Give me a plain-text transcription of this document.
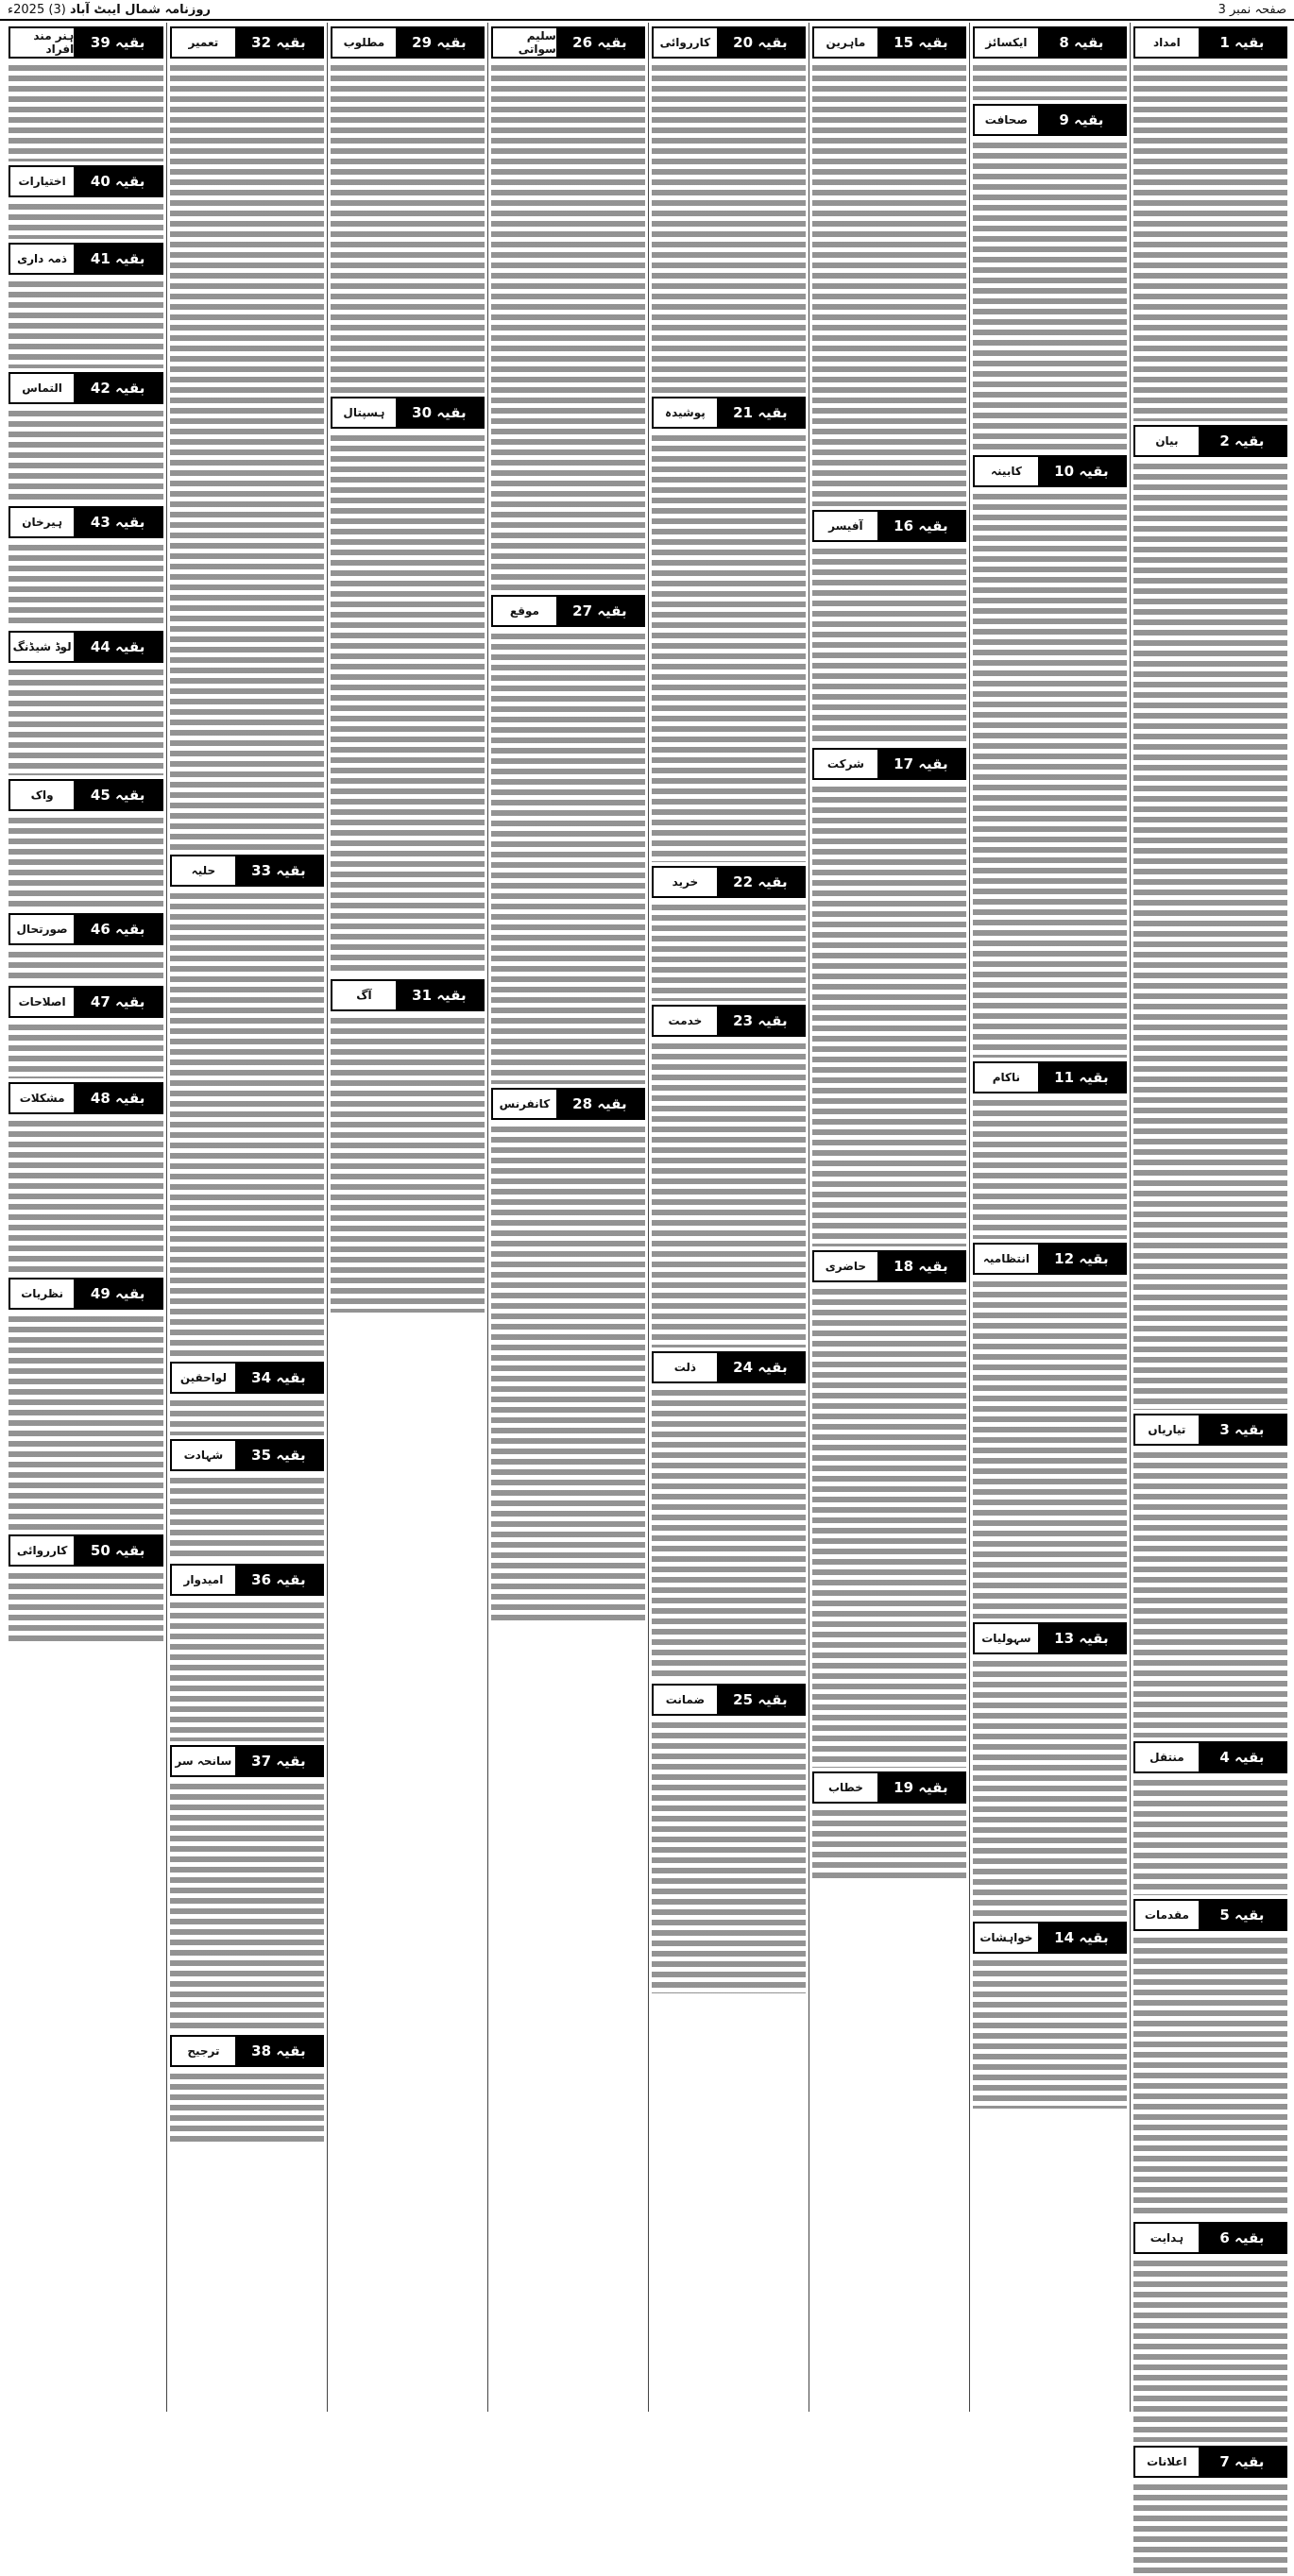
صفحہ نمبر 3
روزنامہ شمال ایبٹ آباد (3) 2025ء
بقیہ 1
امداد
بقیہ 2
بیان
بقیہ 3
تیاریاں
بقیہ 4
منتقل
بقیہ 5
مقدمات
بقیہ 6
ہدایت
بقیہ 7
اعلانات
بقیہ 8
ایکسائز
بقیہ 9
صحافت
بقیہ 10
کابینہ
بقیہ 11
ناکام
بقیہ 12
انتظامیہ
بقیہ 13
سہولیات
بقیہ 14
خواہشات
بقیہ 15
ماہرین
بقیہ 16
آفیسر
بقیہ 17
شرکت
بقیہ 18
حاضری
بقیہ 19
خطاب
بقیہ 20
کارروائی
بقیہ 21
پوشیدہ
بقیہ 22
خرید
بقیہ 23
خدمت
بقیہ 24
ذلت
بقیہ 25
ضمانت
بقیہ 26
سلیم سواتی
بقیہ 27
موقع
بقیہ 28
کانفرنس
بقیہ 29
مطلوب
بقیہ 30
ہسپتال
بقیہ 31
آگ
بقیہ 32
تعمیر
بقیہ 33
حلیہ
بقیہ 34
لواحقین
بقیہ 35
شہادت
بقیہ 36
امیدوار
بقیہ 37
سانحہ سر
بقیہ 38
ترجیح
بقیہ 39
ہنر مند افراد
بقیہ 40
اختیارات
بقیہ 41
ذمہ داری
بقیہ 42
التماس
بقیہ 43
ہیرخان
بقیہ 44
لوڈ شیڈنگ
بقیہ 45
واک
بقیہ 46
صورتحال
بقیہ 47
اصلاحات
بقیہ 48
مشکلات
بقیہ 49
نظریات
بقیہ 50
کارروائی
